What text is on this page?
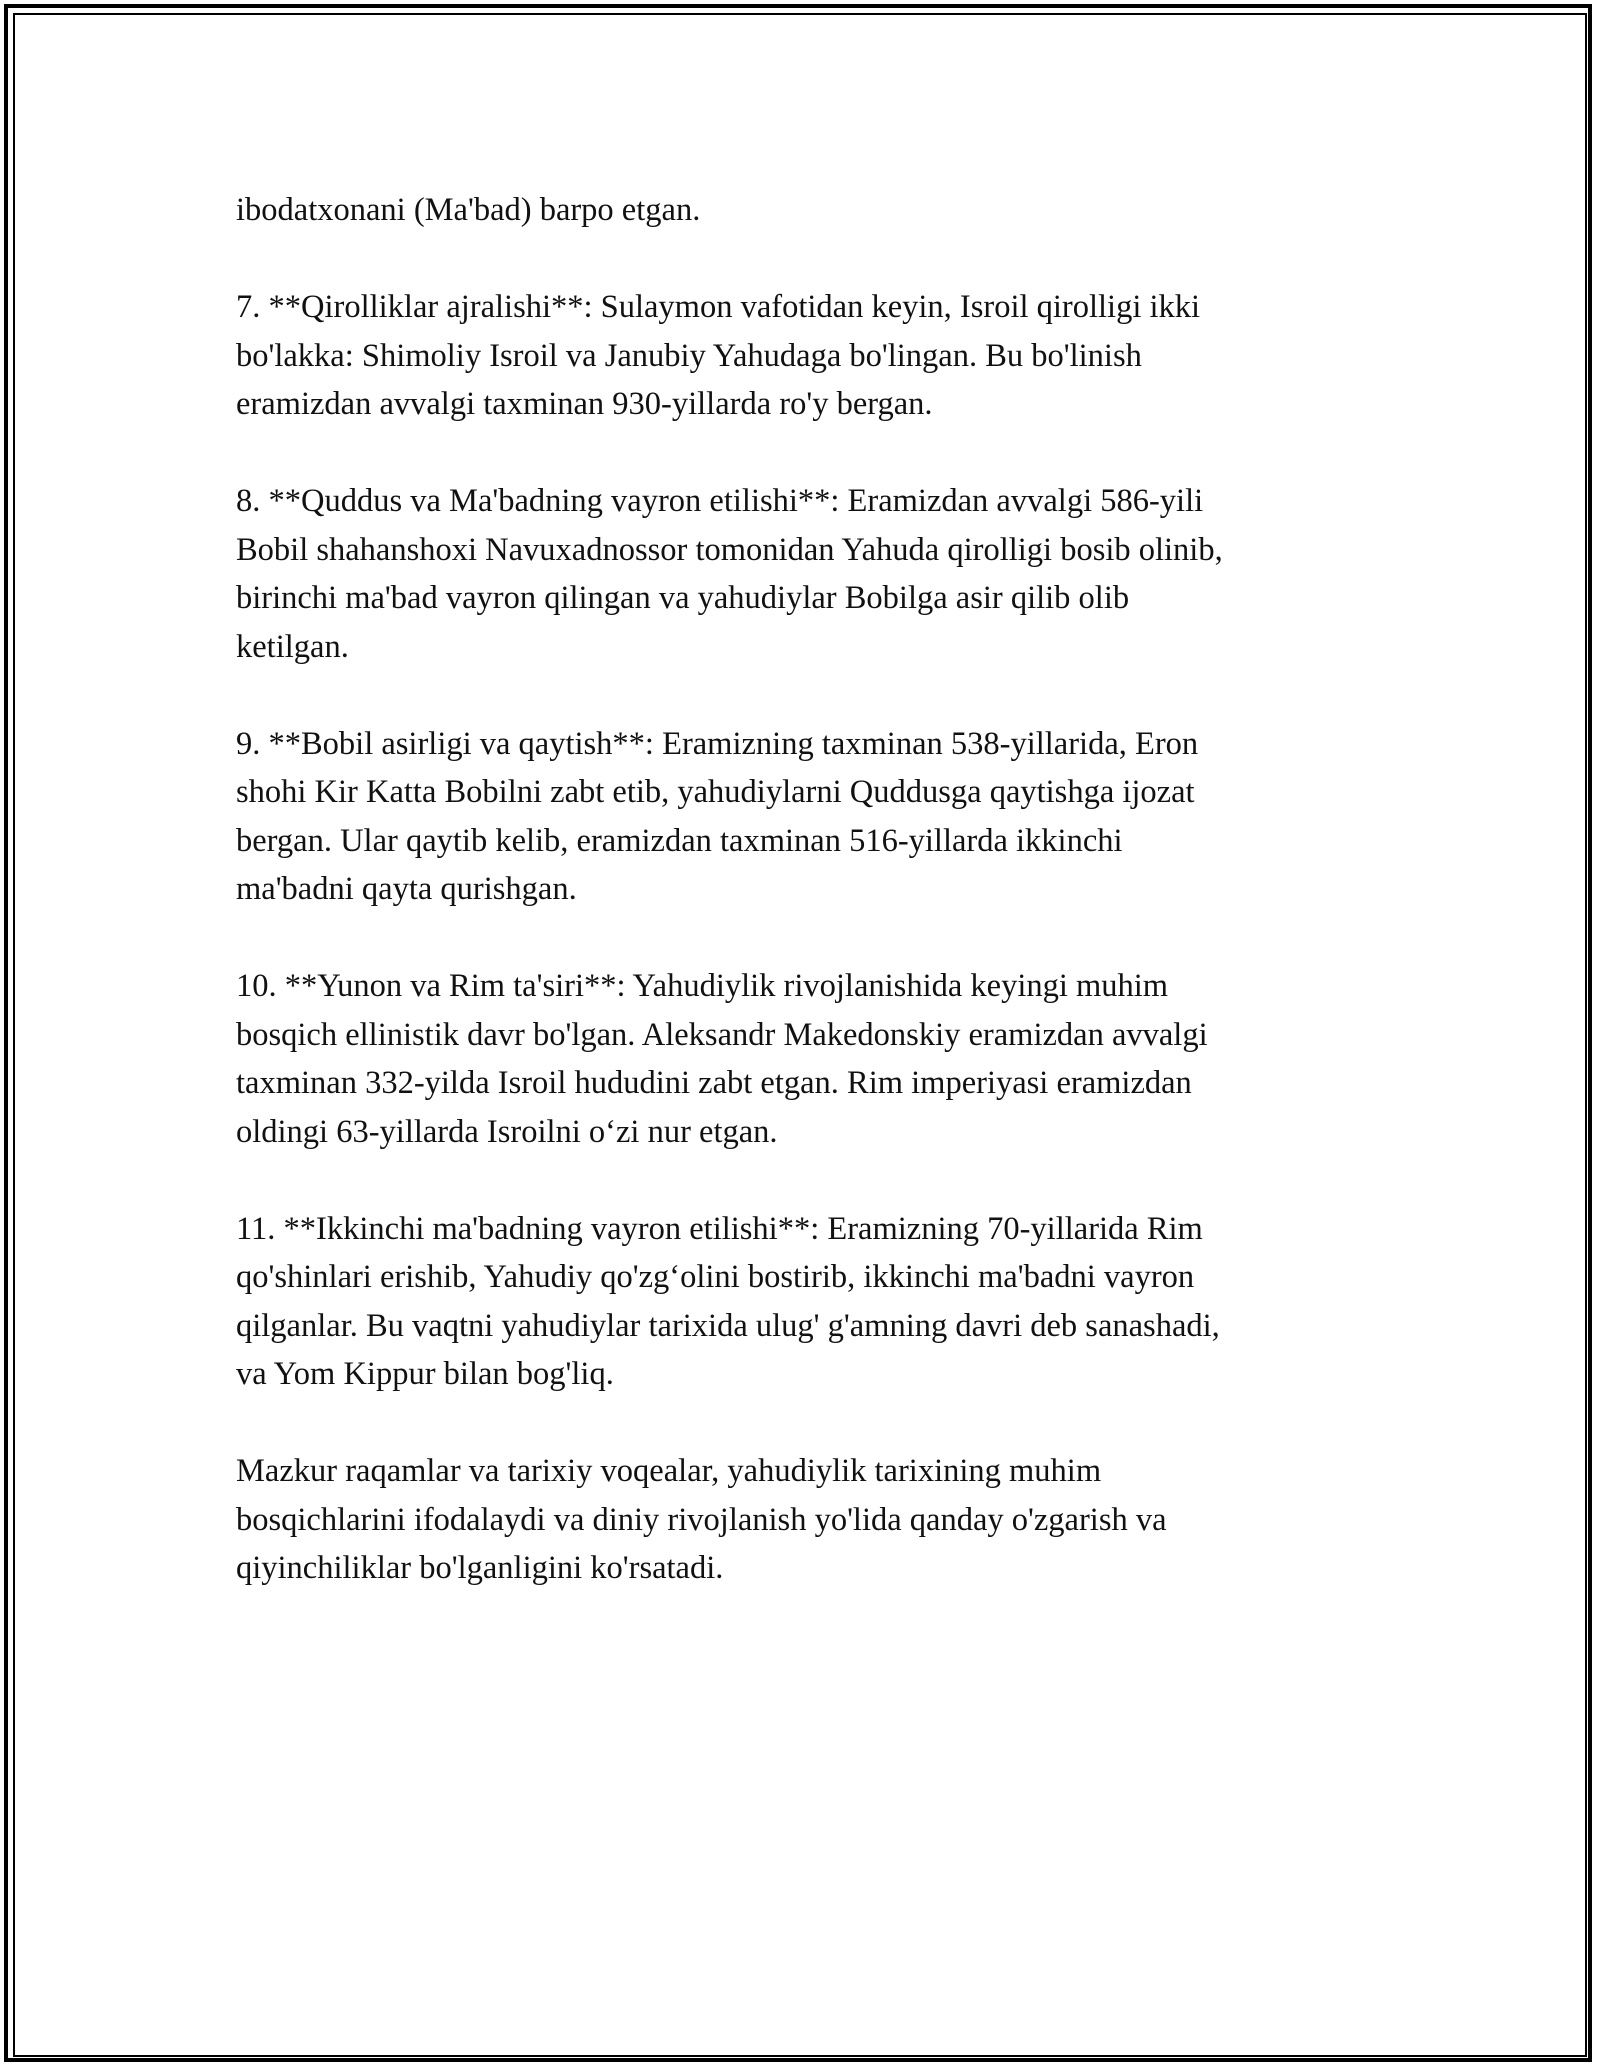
ibodatxonani (Ma'bad) barpo etgan.

7. **Qirolliklar ajralishi**: Sulaymon vafotidan keyin, Isroil qirolligi ikki
bo'lakka: Shimoliy Isroil va Janubiy Yahudaga bo'lingan. Bu bo'linish
eramizdan avvalgi taxminan 930-yillarda ro'y bergan.

8. **Quddus va Ma'badning vayron etilishi**: Eramizdan avvalgi 586-yili
Bobil shahanshoxi Navuxadnossor tomonidan Yahuda qirolligi bosib olinib,
birinchi ma'bad vayron qilingan va yahudiylar Bobilga asir qilib olib
ketilgan.

9. **Bobil asirligi va qaytish**: Eramizning taxminan 538-yillarida, Eron
shohi Kir Katta Bobilni zabt etib, yahudiylarni Quddusga qaytishga ijozat
bergan. Ular qaytib kelib, eramizdan taxminan 516-yillarda ikkinchi
ma'badni qayta qurishgan.

10. **Yunon va Rim ta'siri**: Yahudiylik rivojlanishida keyingi muhim
bosqich ellinistik davr bo'lgan. Aleksandr Makedonskiy eramizdan avvalgi
taxminan 332-yilda Isroil hududini zabt etgan. Rim imperiyasi eramizdan
oldingi 63-yillarda Isroilni o‘zi nur etgan.

11. **Ikkinchi ma'badning vayron etilishi**: Eramizning 70-yillarida Rim
qo'shinlari erishib, Yahudiy qo'zg‘olini bostirib, ikkinchi ma'badni vayron
qilganlar. Bu vaqtni yahudiylar tarixida ulug' g'amning davri deb sanashadi,
va Yom Kippur bilan bog'liq.

Mazkur raqamlar va tarixiy voqealar, yahudiylik tarixining muhim
bosqichlarini ifodalaydi va diniy rivojlanish yo'lida qanday o'zgarish va
qiyinchiliklar bo'lganligini ko'rsatadi.
